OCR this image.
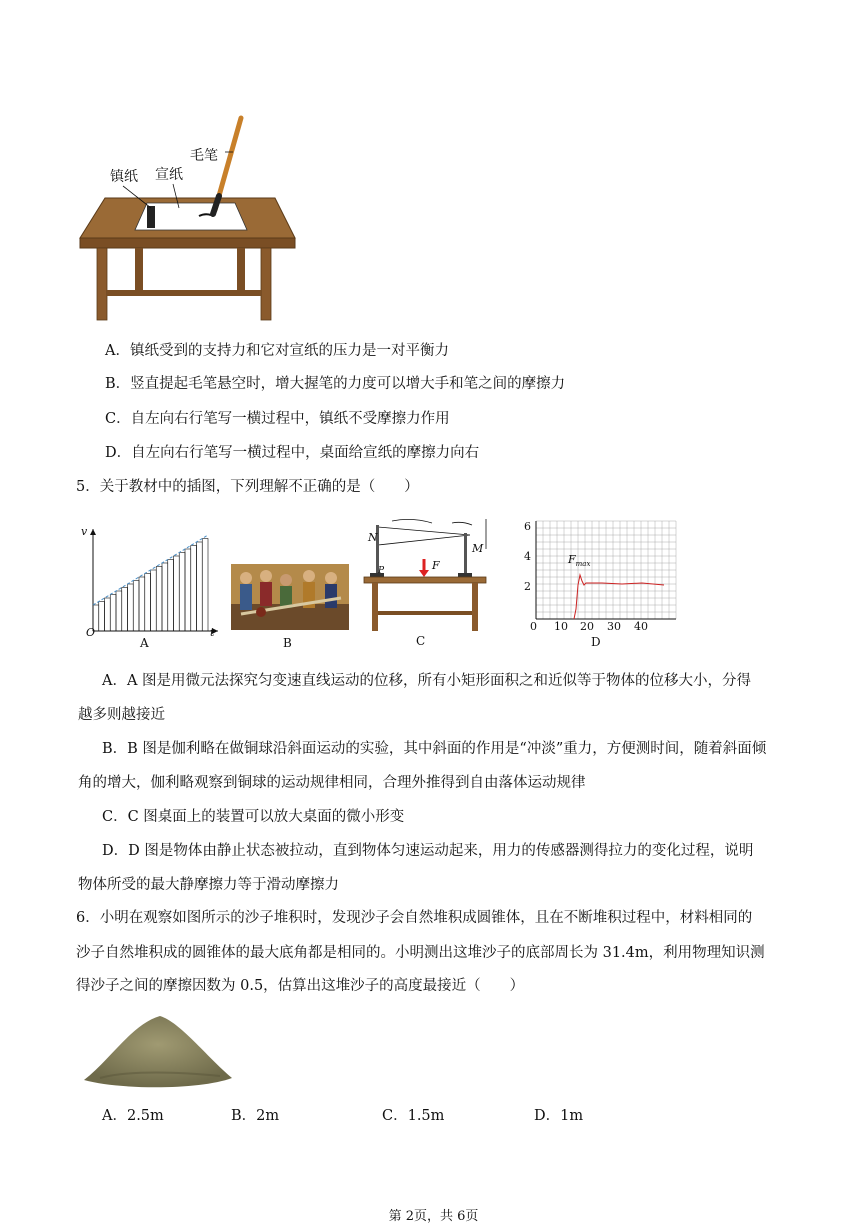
毛笔
镇纸 宣纸
A．镇纸受到的支持力和它对宣纸的压力是一对平衡力
B．竖直提起毛笔悬空时，增大握笔的力度可以增大手和笔之间的摩擦力
C．自左向右行笔写一横过程中，镇纸不受摩擦力作用
D．自左向右行笔写一横过程中，桌面给宣纸的摩擦力向右
5．关于教材中的插图，下列理解不正确的是（　　）
v
t
O
A	B
N
M
F
P
C
6
4
2
0 10 20 30 40
$F_{max}$
D
A．A 图是用微元法探究匀变速直线运动的位移，所有小矩形面积之和近似等于物体的位移大小，分得
越多则越接近
B．B 图是伽利略在做铜球沿斜面运动的实验，其中斜面的作用是“冲淡”重力，方便测时间，随着斜面倾
角的增大，伽利略观察到铜球的运动规律相同，合理外推得到自由落体运动规律
C．C 图桌面上的装置可以放大桌面的微小形变
D．D 图是物体由静止状态被拉动，直到物体匀速运动起来，用力的传感器测得拉力的变化过程，说明
物体所受的最大静摩擦力等于滑动摩擦力
6．小明在观察如图所示的沙子堆积时，发现沙子会自然堆积成圆锥体，且在不断堆积过程中，材料相同的
沙子自然堆积成的圆锥体的最大底角都是相同的。小明测出这堆沙子的底部周长为 31.4m，利用物理知识测
得沙子之间的摩擦因数为 0.5，估算出这堆沙子的高度最接近（　　）
A．2.5m	B．2m	C．1.5m	D．1m
第 2页，共 6页
